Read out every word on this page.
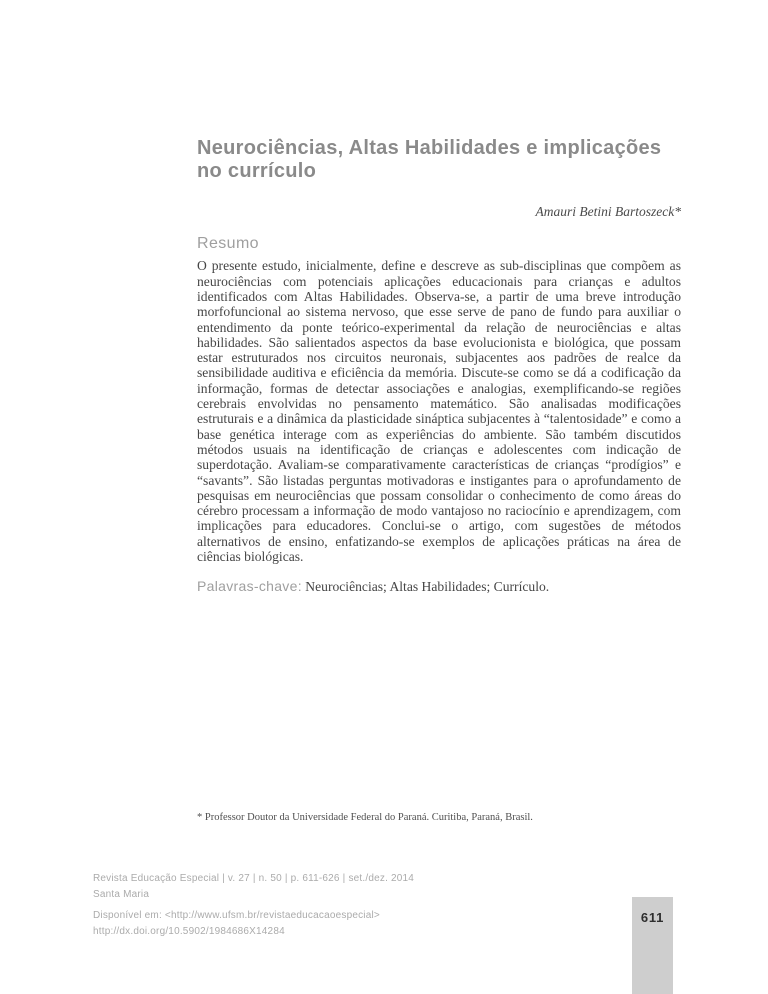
Neurociências, Altas Habilidades e implicações
no currículo
Amauri Betini Bartoszeck*
Resumo

O presente estudo, inicialmente, define e descreve as sub-disciplinas que compõem as neurociências com potenciais aplicações educacionais para crianças e adultos identificados com Altas Habilidades. Observa-se, a partir de uma breve introdução morfofuncional ao sistema nervoso, que esse serve de pano de fundo para auxiliar o entendimento da ponte teórico-experimental da relação de neurociências e altas habilidades. São salientados aspectos da base evolucionista e biológica, que possam estar estruturados nos circuitos neuronais, subjacentes aos padrões de realce da sensibilidade auditiva e eficiência da memória. Discute-se como se dá a codificação da informação, formas de detectar associações e analogias, exemplificando-se regiões cerebrais envolvidas no pensamento matemático. São analisadas modificações estruturais e a dinâmica da plasticidade sináptica subjacentes à “talentosidade” e como a base genética interage com as experiências do ambiente. São também discutidos métodos usuais na identificação de crianças e adolescentes com indicação de superdotação. Avaliam-se comparativamente características de crianças “prodígios” e “savants”. São listadas perguntas motivadoras e instigantes para o aprofundamento de pesquisas em neurociências que possam consolidar o conhecimento de como áreas do cérebro processam a informação de modo vantajoso no raciocínio e aprendizagem, com implicações para educadores. Conclui-se o artigo, com sugestões de métodos alternativos de ensino, enfatizando-se exemplos de aplicações práticas na área de ciências biológicas.

Palavras-chave: Neurociências; Altas Habilidades; Currículo.
* Professor Doutor da Universidade Federal do Paraná. Curitiba, Paraná, Brasil.
Revista Educação Especial | v. 27 | n. 50 | p. 611-626 | set./dez. 2014
Santa Maria
Disponível em: <http://www.ufsm.br/revistaeducacaoespecial>
http://dx.doi.org/10.5902/1984686X14284
611
